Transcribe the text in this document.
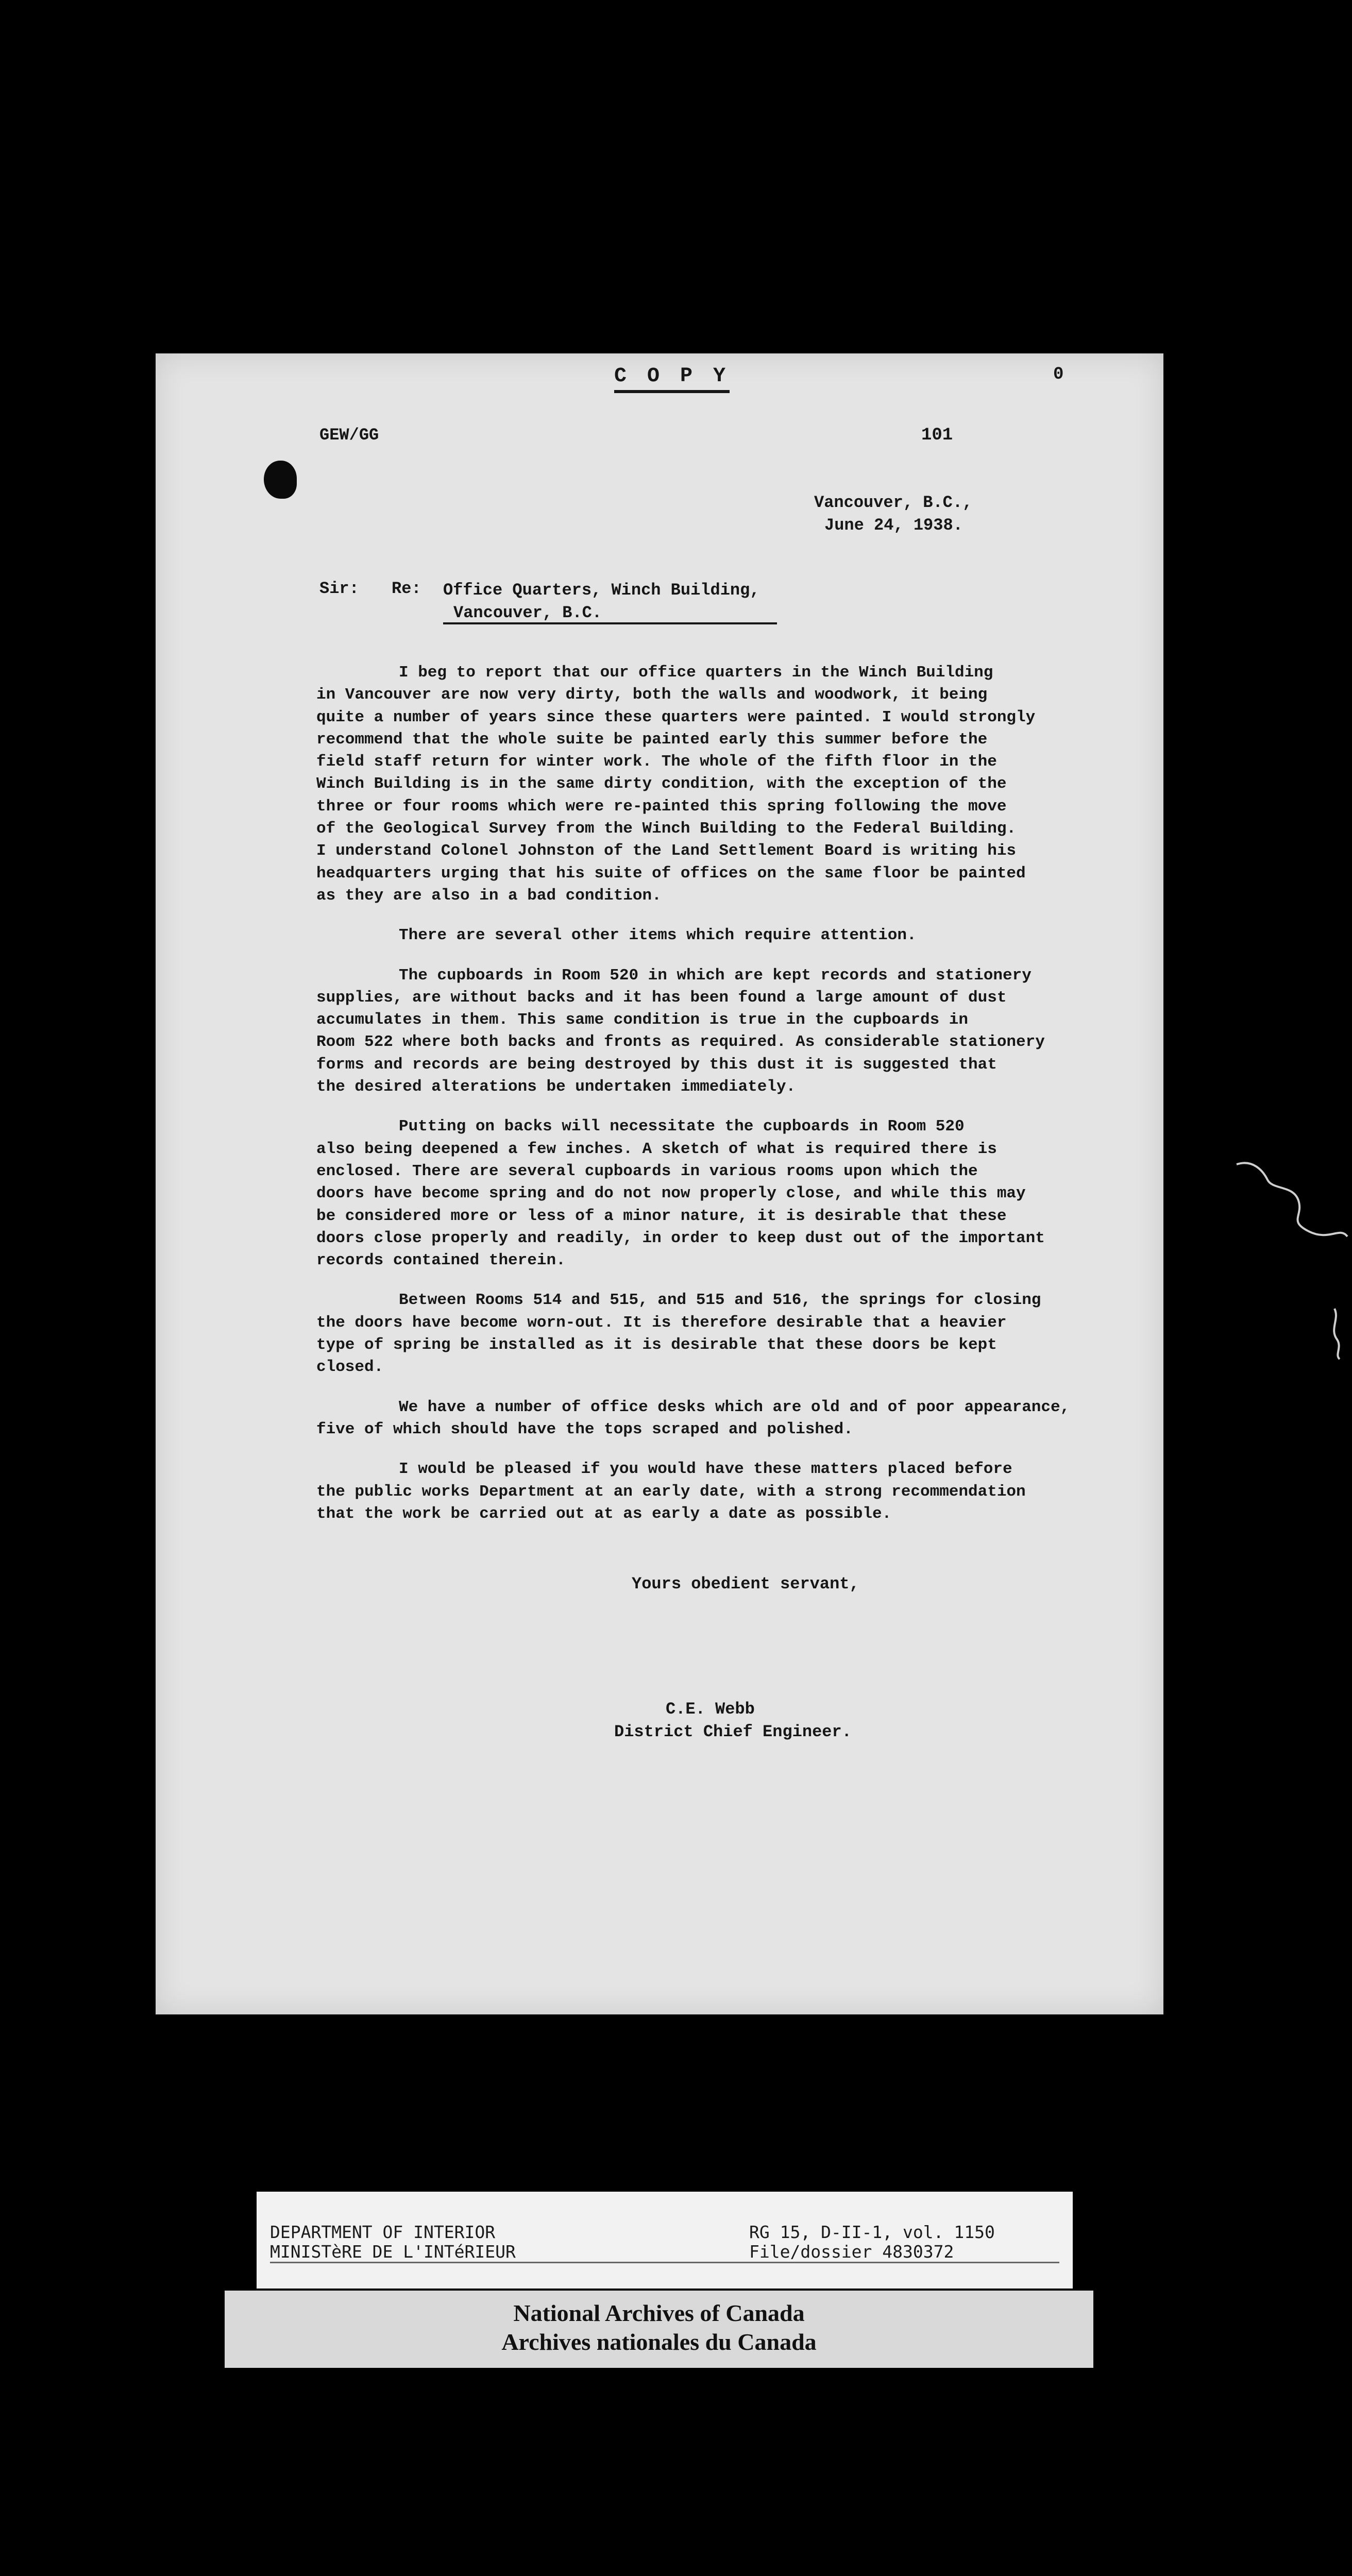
C O P Y	0
GEW/GG	101
Vancouver, B.C.,
June 24, 1938.
Sir: Re: Office Quarters, Winch Building,
Vancouver, B.C.

I beg to report that our office quarters in the Winch Building
in Vancouver are now very dirty, both the walls and woodwork, it being
quite a number of years since these quarters were painted. I would strongly
recommend that the whole suite be painted early this summer before the
field staff return for winter work. The whole of the fifth floor in the
Winch Building is in the same dirty condition, with the exception of the
three or four rooms which were re-painted this spring following the move
of the Geological Survey from the Winch Building to the Federal Building.
I understand Colonel Johnston of the Land Settlement Board is writing his
headquarters urging that his suite of offices on the same floor be painted
as they are also in a bad condition.

There are several other items which require attention.

The cupboards in Room 520 in which are kept records and stationery
supplies, are without backs and it has been found a large amount of dust
accumulates in them. This same condition is true in the cupboards in
Room 522 where both backs and fronts as required. As considerable stationery
forms and records are being destroyed by this dust it is suggested that
the desired alterations be undertaken immediately.

Putting on backs will necessitate the cupboards in Room 520
also being deepened a few inches. A sketch of what is required there is
enclosed. There are several cupboards in various rooms upon which the
doors have become spring and do not now properly close, and while this may
be considered more or less of a minor nature, it is desirable that these
doors close properly and readily, in order to keep dust out of the important
records contained therein.

Between Rooms 514 and 515, and 515 and 516, the springs for closing
the doors have become worn-out. It is therefore desirable that a heavier
type of spring be installed as it is desirable that these doors be kept
closed.

We have a number of office desks which are old and of poor appearance,
five of which should have the tops scraped and polished.

I would be pleased if you would have these matters placed before
the public works Department at an early date, with a strong recommendation
that the work be carried out at as early a date as possible.

Yours obedient servant,
C.E. Webb
District Chief Engineer.
DEPARTMENT OF INTERIOR
MINISTèRE DE L'INTéRIEUR
RG 15, D-II-1, vol. 1150
File/dossier 4830372
National Archives of Canada
Archives nationales du Canada
